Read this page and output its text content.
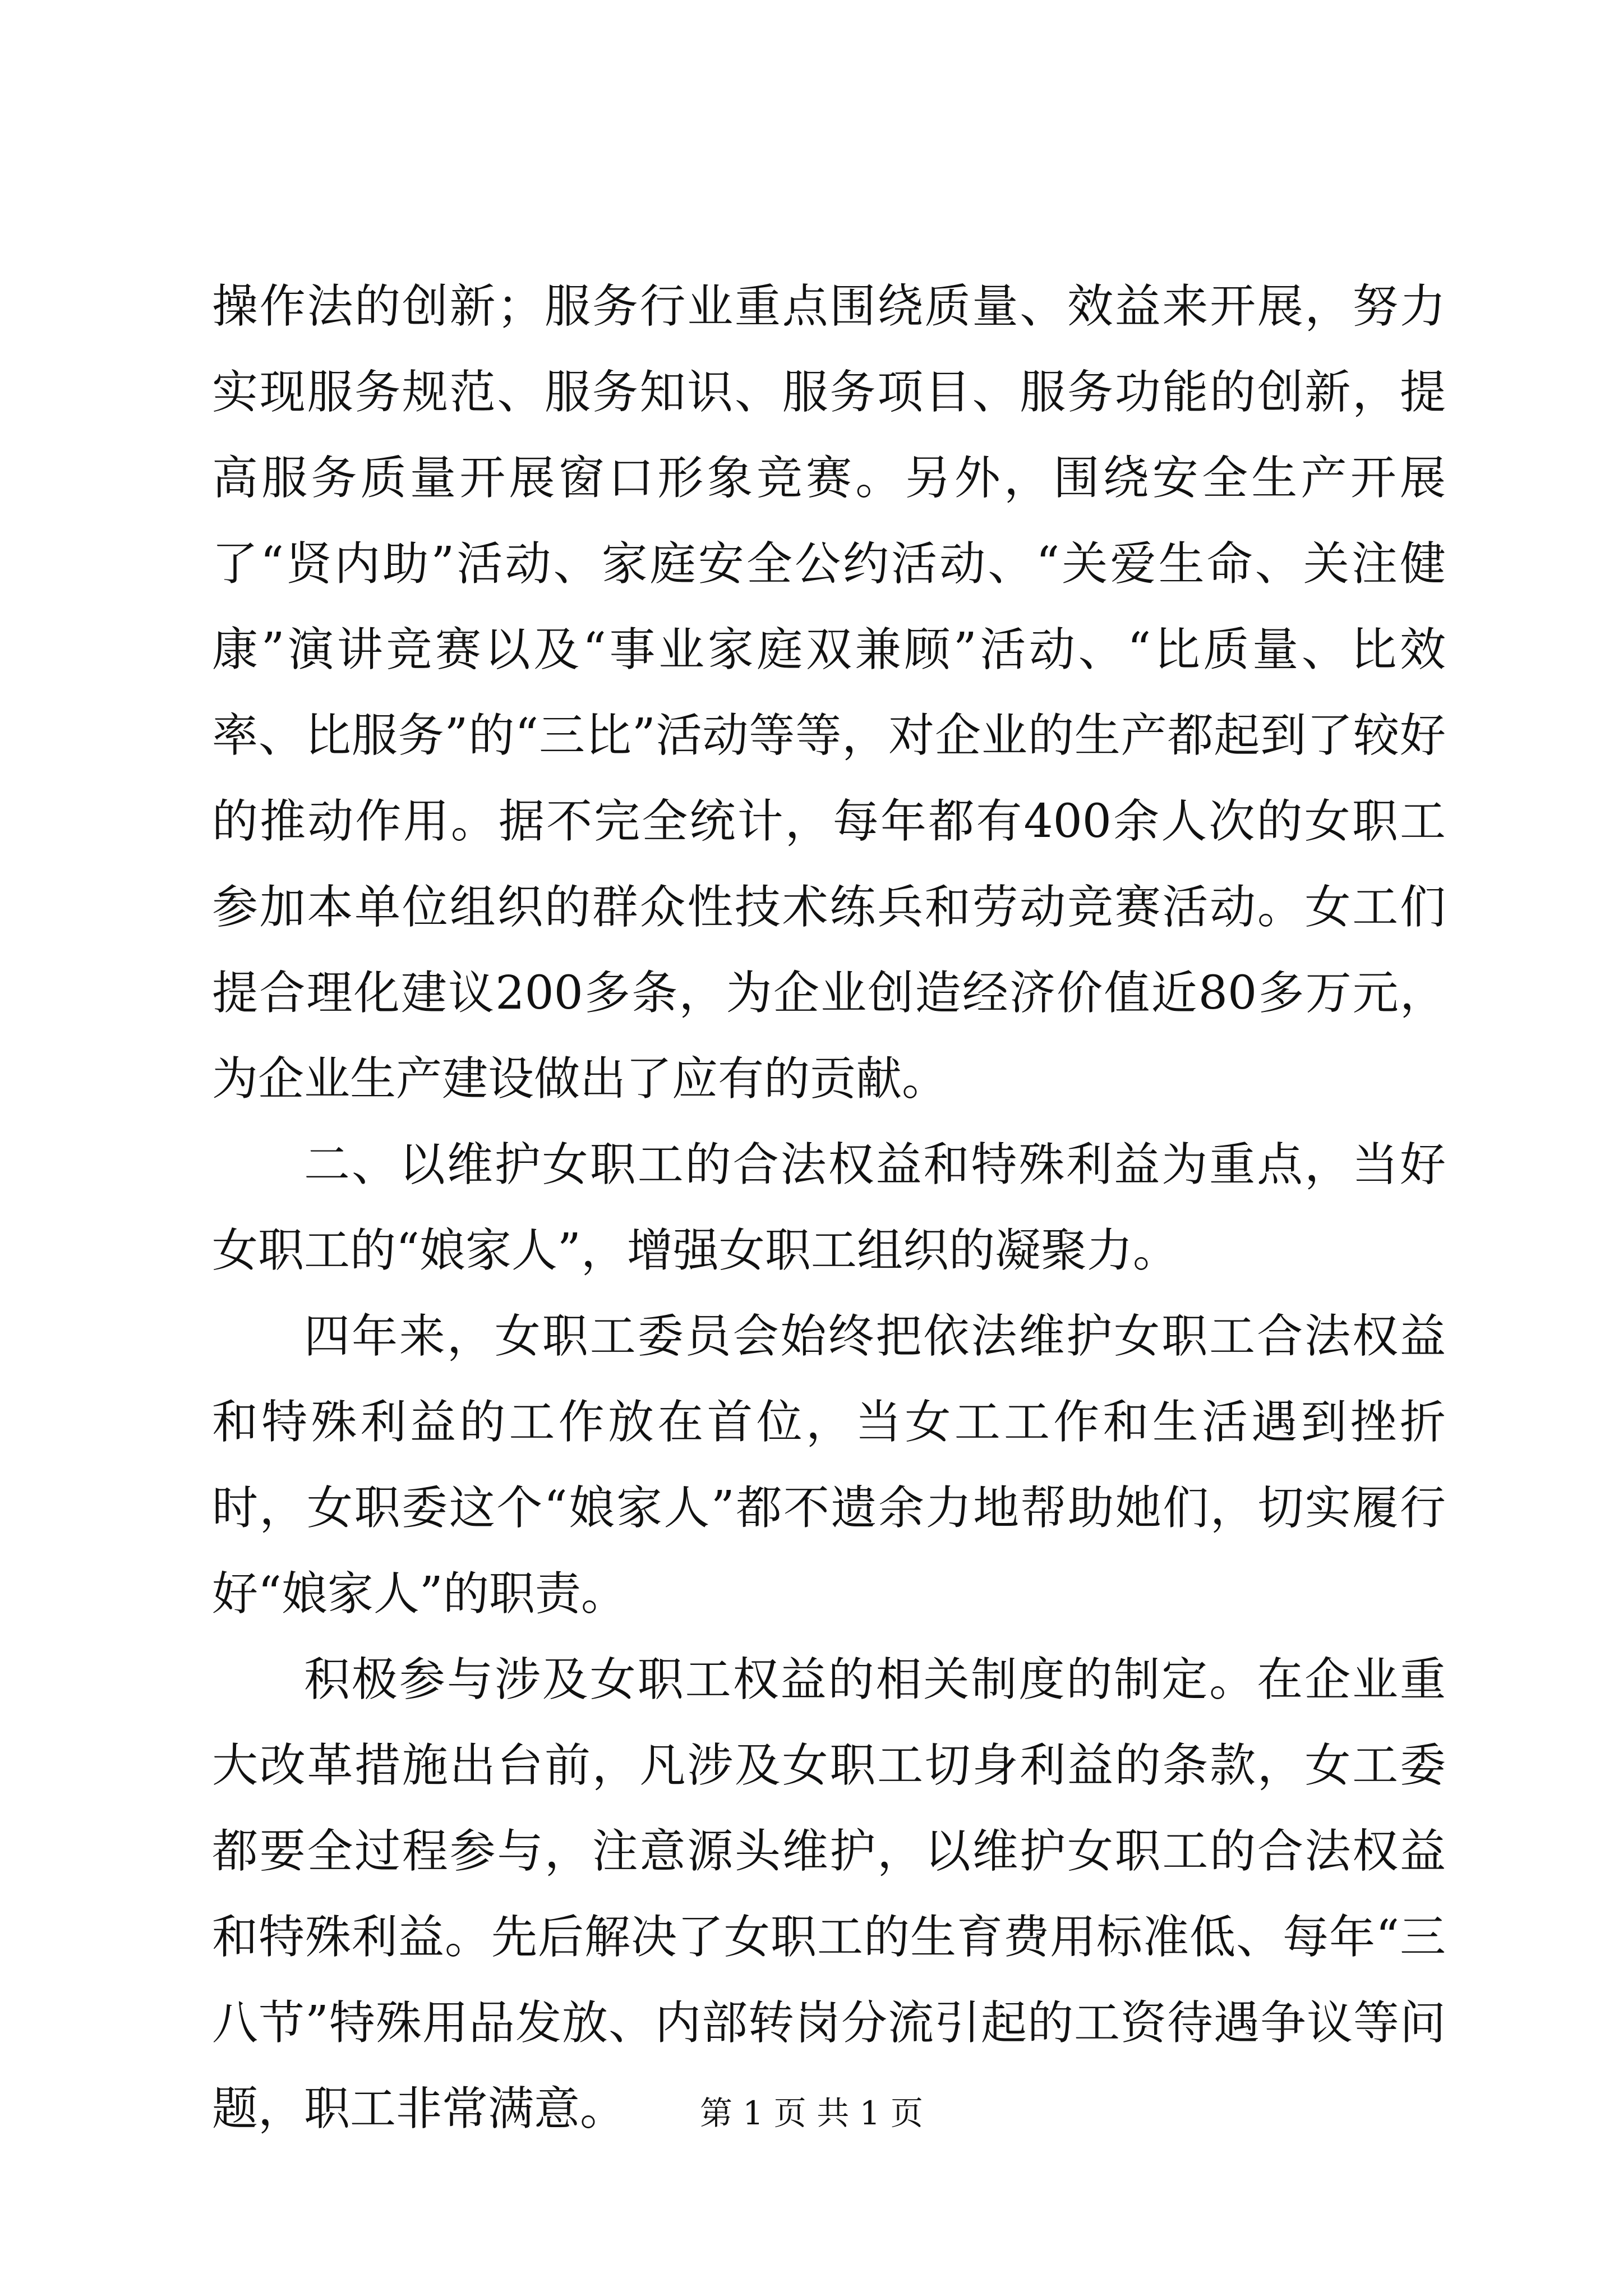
操作法的创新；服务行业重点围绕质量、效益来开展，努力实现服务规范、服务知识、服务项目、服务功能的创新，提高服务质量开展窗口形象竞赛。另外，围绕安全生产开展了“贤内助”活动、家庭安全公约活动、“关爱生命、关注健康”演讲竞赛以及“事业家庭双兼顾”活动、“比质量、比效率、比服务”的“三比”活动等等，对企业的生产都起到了较好的推动作用。据不完全统计，每年都有400余人次的女职工参加本单位组织的群众性技术练兵和劳动竞赛活动。女工们提合理化建议200多条，为企业创造经济价值近80多万元，为企业生产建设做出了应有的贡献。

二、以维护女职工的合法权益和特殊利益为重点，当好女职工的“娘家人”，增强女职工组织的凝聚力。

四年来，女职工委员会始终把依法维护女职工合法权益和特殊利益的工作放在首位，当女工工作和生活遇到挫折时，女职委这个“娘家人”都不遗余力地帮助她们，切实履行好“娘家人”的职责。

积极参与涉及女职工权益的相关制度的制定。在企业重大改革措施出台前，凡涉及女职工切身利益的条款，女工委都要全过程参与，注意源头维护，以维护女职工的合法权益和特殊利益。先后解决了女职工的生育费用标准低、每年“三八节”特殊用品发放、内部转岗分流引起的工资待遇争议等问题，职工非常满意。	第 1 页 共 1 页
